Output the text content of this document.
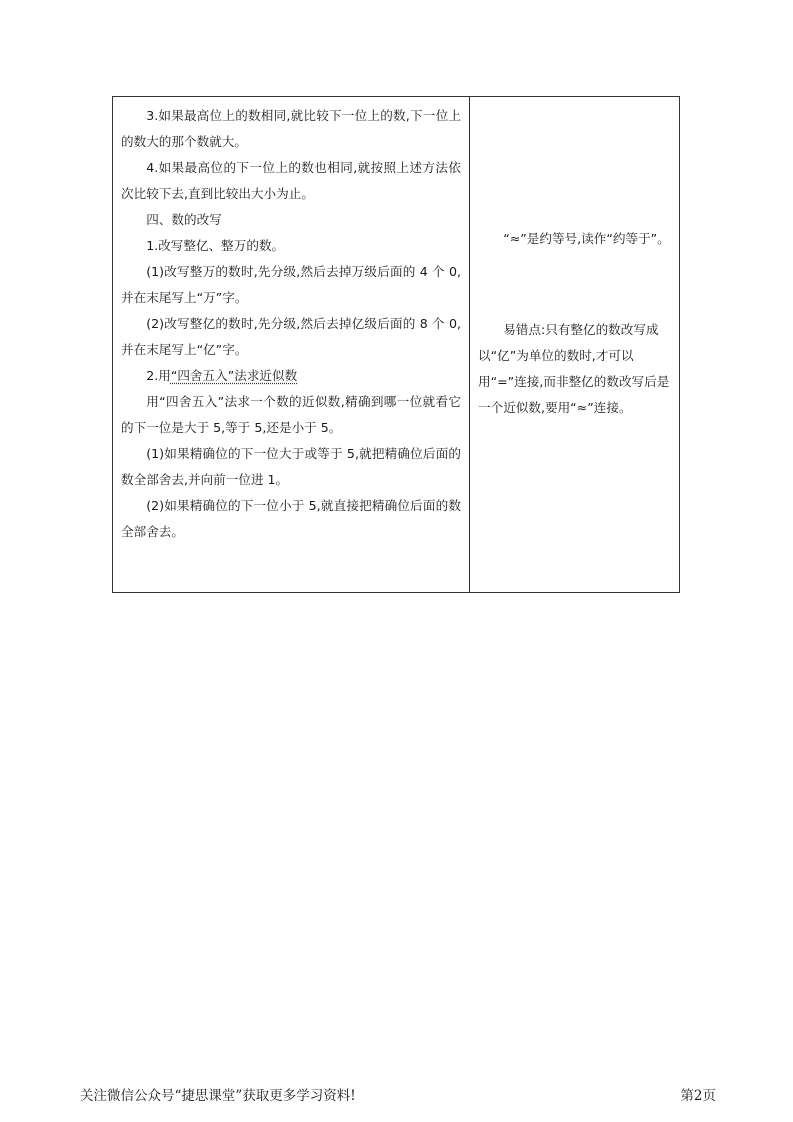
3.如果最高位上的数相同,就比较下一位上的数,下一位上的数大的那个数就大。

4.如果最高位的下一位上的数也相同,就按照上述方法依次比较下去,直到比较出大小为止。

四、数的改写

1.改写整亿、整万的数。

(1)改写整万的数时,先分级,然后去掉万级后面的 4 个 0,并在末尾写上“万”字。

(2)改写整亿的数时,先分级,然后去掉亿级后面的 8 个 0,并在末尾写上“亿”字。

2.用“四舍五入”法求近似数

用“四舍五入”法求一个数的近似数,精确到哪一位就看它的下一位是大于 5,等于 5,还是小于 5。

(1)如果精确位的下一位大于或等于 5,就把精确位后面的数全部舍去,并向前一位进 1。

(2)如果精确位的下一位小于 5,就直接把精确位后面的数全部舍去。

“≈”是约等号,读作“约等于”。

易错点:只有整亿的数改写成以“亿”为单位的数时,才可以用“=”连接,而非整亿的数改写后是一个近似数,要用“≈”连接。

关注微信公众号“捷思课堂”获取更多学习资料!	第2页
